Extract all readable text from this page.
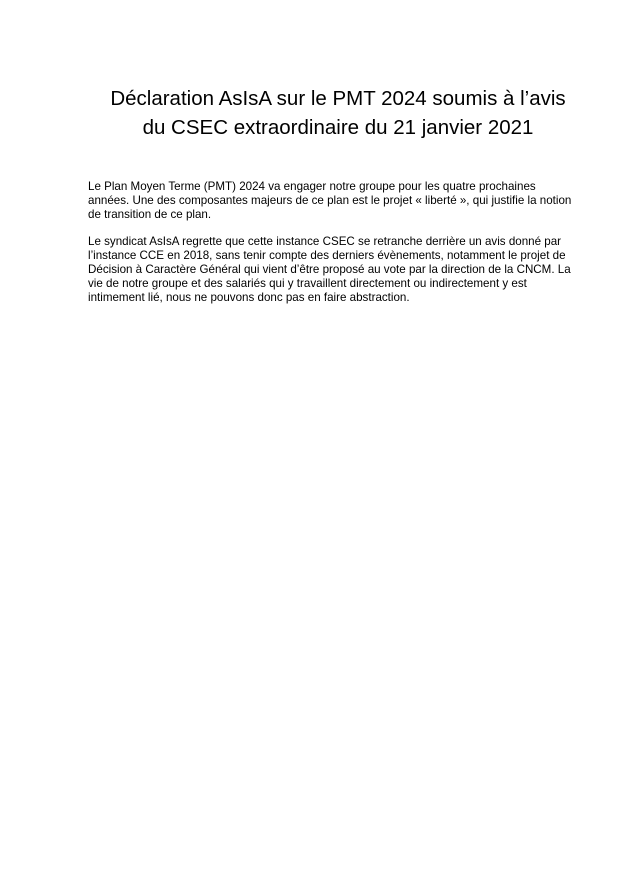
Déclaration AsIsA sur le PMT 2024 soumis à l’avis
du CSEC extraordinaire du 21 janvier 2021

Le Plan Moyen Terme (PMT) 2024 va engager notre groupe pour les quatre prochaines
années. Une des composantes majeurs de ce plan est le projet « liberté », qui justifie la notion
de transition de ce plan.

Le syndicat AsIsA regrette que cette instance CSEC se retranche derrière un avis donné par
l’instance CCE en 2018, sans tenir compte des derniers évènements, notamment le projet de
Décision à Caractère Général qui vient d’être proposé au vote par la direction de la CNCM. La
vie de notre groupe et des salariés qui y travaillent directement ou indirectement y est
intimement lié, nous ne pouvons donc pas en faire abstraction.
